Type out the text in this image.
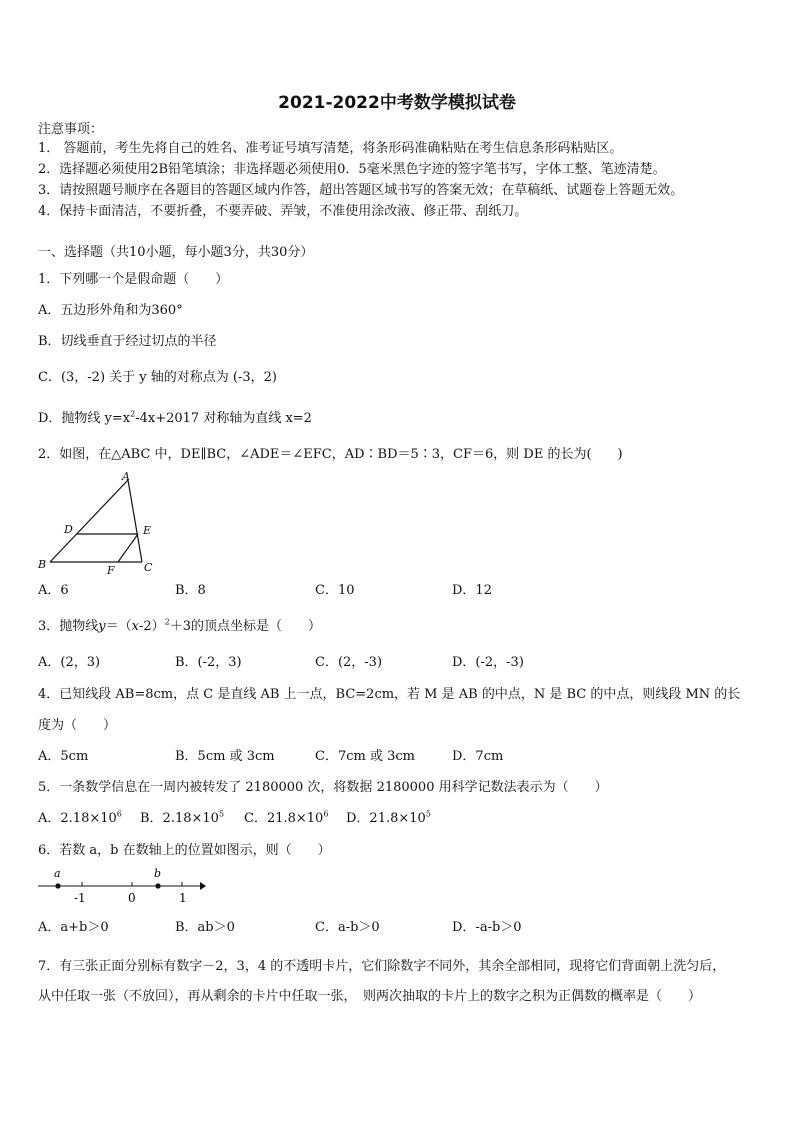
2021-2022中考数学模拟试卷
注意事项：
1． 答题前，考生先将自己的姓名、准考证号填写清楚，将条形码准确粘贴在考生信息条形码粘贴区。
2．选择题必须使用2B铅笔填涂；非选择题必须使用0．5毫米黑色字迹的签字笔书写，字体工整、笔迹清楚。
3．请按照题号顺序在各题目的答题区域内作答，超出答题区域书写的答案无效；在草稿纸、试题卷上答题无效。
4．保持卡面清洁，不要折叠，不要弄破、弄皱，不准使用涂改液、修正带、刮纸刀。
一、选择题（共10小题，每小题3分，共30分）
1．下列哪一个是假命题（　　）
A．五边形外角和为360°
B．切线垂直于经过切点的半径
C．(3，-2) 关于 y 轴的对称点为 (-3，2)
D．抛物线 $y=x^2-4x+2017$ 对称轴为直线 x=2
2．如图，在△ABC 中，DE∥BC，∠ADE＝∠EFC，AD∶BD＝5∶3，CF＝6，则 DE 的长为(　　)
A
D	E
B	F	C
A．6	B．8	C．10	D．12
3．抛物线$y=(x-2)^2+3$的顶点坐标是（　　）
A．(2，3)	B．(-2，3)	C．(2，-3)	D．(-2，-3)
4．已知线段 AB=8cm，点 C 是直线 AB 上一点，BC=2cm，若 M 是 AB 的中点，N 是 BC 的中点，则线段 MN 的长
度为（　　）
A．5cm	B．5cm 或 3cm	C．7cm 或 3cm	D．7cm
5．一条数学信息在一周内被转发了 2180000 次，将数据 2180000 用科学记数法表示为（　　）
A．$2.18\times 10^6$ B．$2.18\times 10^5$ C．$21.8\times 10^6$ D．$21.8\times 10^5$
6．若数 a，b 在数轴上的位置如图示，则（　　）
a	b
-1	0	1
A．a+b＞0	B．ab＞0	C．a-b＞0	D．-a-b＞0
7．有三张正面分别标有数字－2，3，4 的不透明卡片，它们除数字不同外，其余全部相同，现将它们背面朝上洗匀后，
从中任取一张（不放回），再从剩余的卡片中任取一张，　则两次抽取的卡片上的数字之积为正偶数的概率是（　　）
